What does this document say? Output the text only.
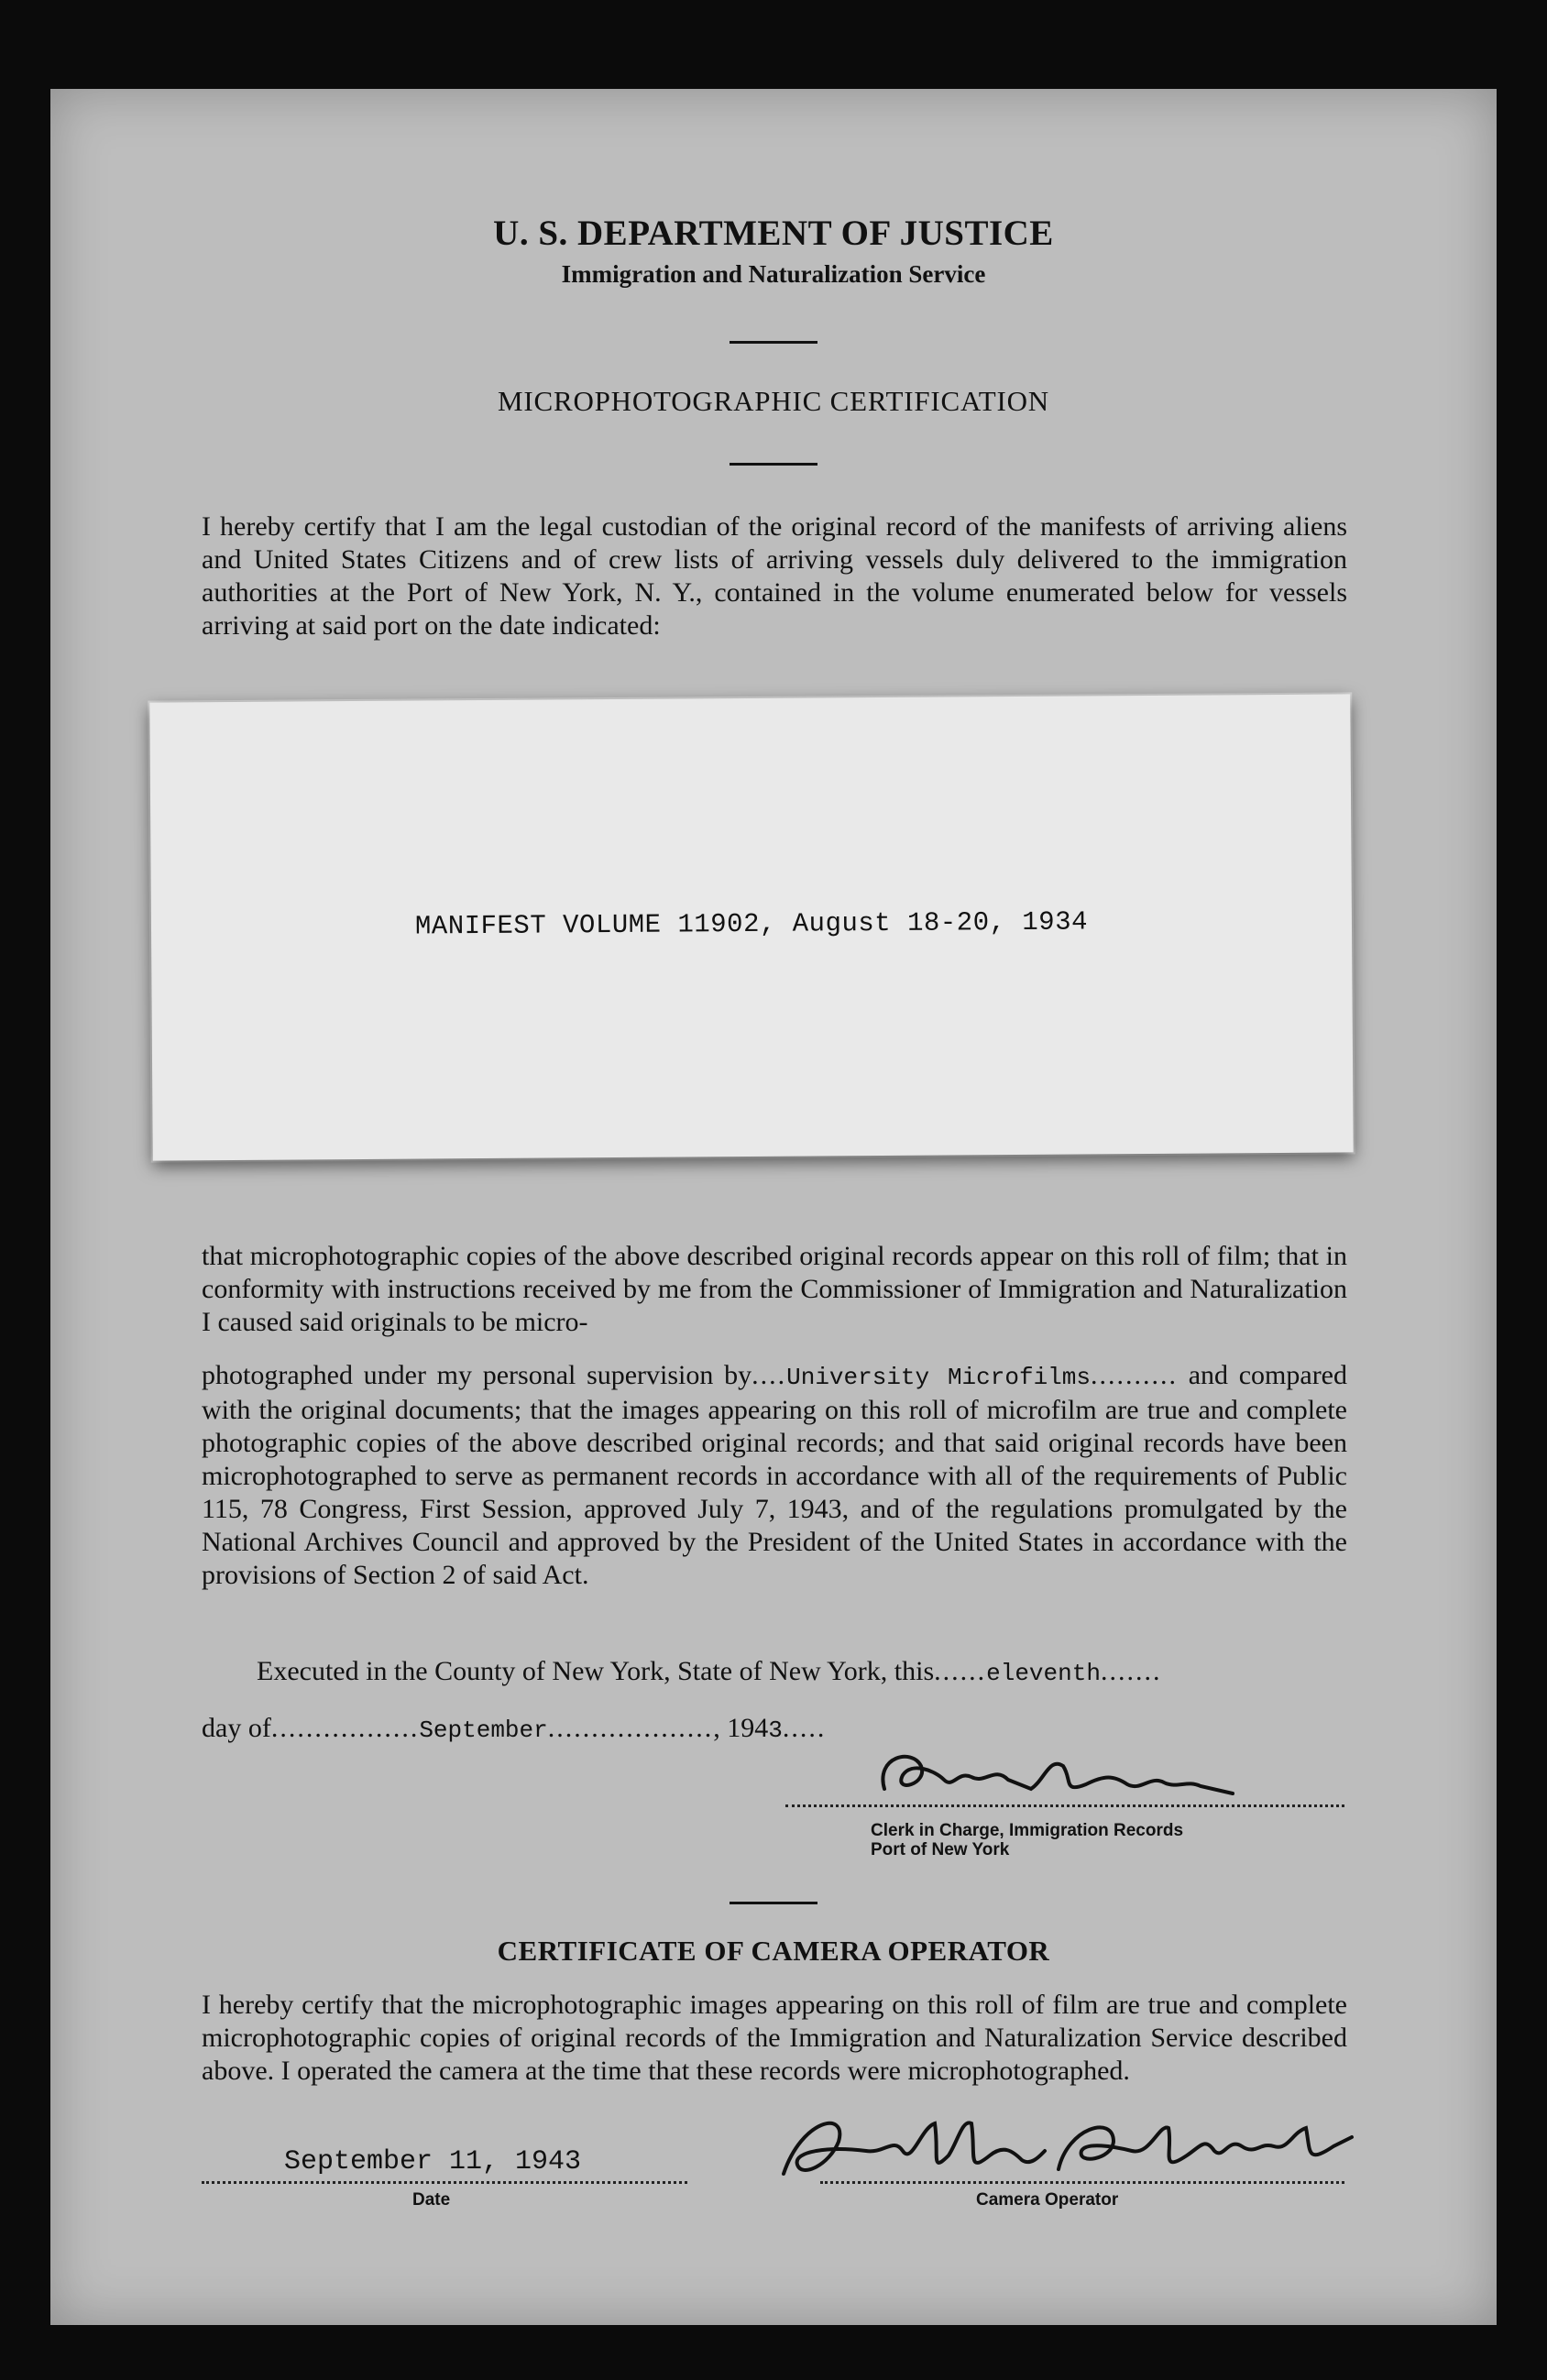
U. S. DEPARTMENT OF JUSTICE
Immigration and Naturalization Service
MICROPHOTOGRAPHIC CERTIFICATION
I hereby certify that I am the legal custodian of the original record of the manifests of arriving aliens and United States Citizens and of crew lists of arriving vessels duly delivered to the immigration authorities at the Port of New York, N. Y., contained in the volume enumerated below for vessels arriving at said port on the date indicated:
MANIFEST VOLUME 11902, August 18-20, 1934
that microphotographic copies of the above described original records appear on this roll of film; that in conformity with instructions received by me from the Commissioner of Immigration and Naturalization I caused said originals to be micro-
photographed under my personal supervision by....University Microfilms.......... and compared with the original documents; that the images appearing on this roll of microfilm are true and complete photographic copies of the above described original records; and that said original records have been microphotographed to serve as permanent records in accordance with all of the requirements of Public 115, 78 Congress, First Session, approved July 7, 1943, and of the regulations promulgated by the National Archives Council and approved by the President of the United States in accordance with the provisions of Section 2 of said Act.
Executed in the County of New York, State of New York, this......eleventh.......
day of.................September..................., 1943.....
Clerk in Charge, Immigration Records
Port of New York
CERTIFICATE OF CAMERA OPERATOR
I hereby certify that the microphotographic images appearing on this roll of film are true and complete microphotographic copies of original records of the Immigration and Naturalization Service described above. I operated the camera at the time that these records were microphotographed.
September 11, 1943
Date	Camera Operator
